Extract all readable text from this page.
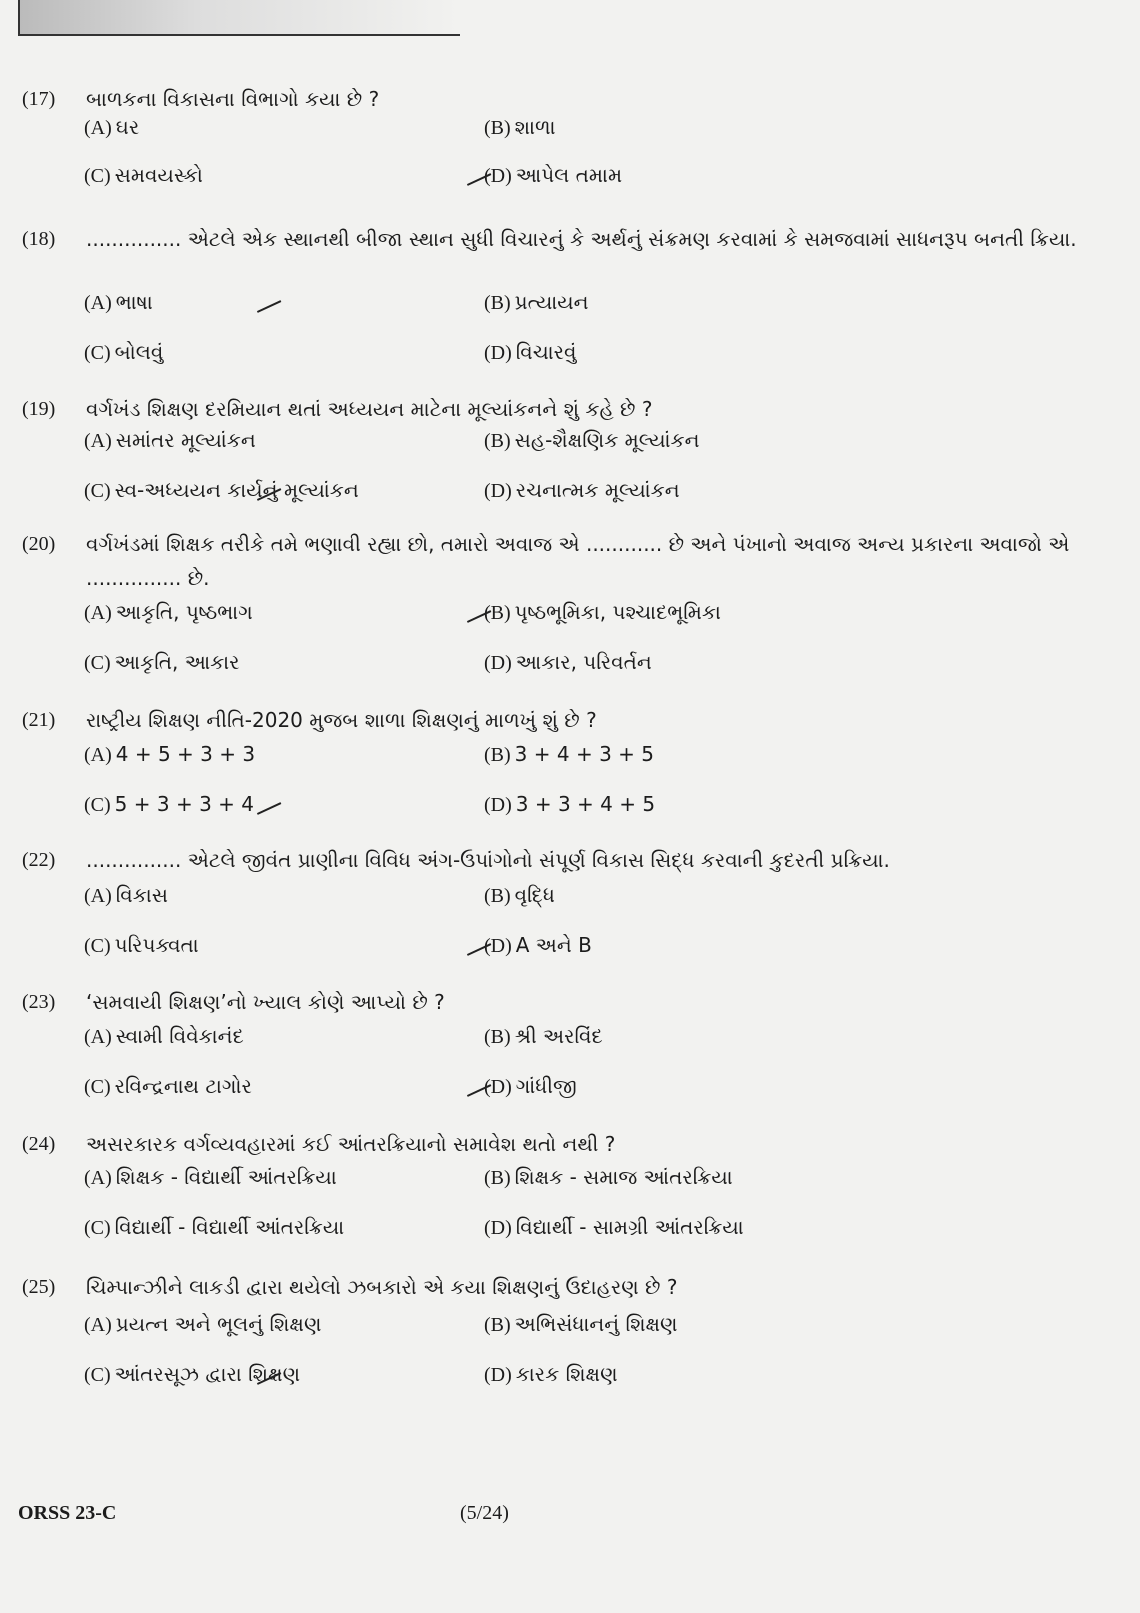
(17) બાળકના વિકાસના વિભાગો કયા છે ?
(A) ઘર	(B) શાળા
(C) સમવયસ્કો	(D) આપેલ તમામ
(18) ............... એટલે એક સ્થાનથી બીજા સ્થાન સુધી વિચારનું કે અર્થનું સંક્રમણ કરવામાં કે સમજવામાં સાધનરૂપ બનતી ક્રિયા.
(A) ભાષા	(B) પ્રત્યાયન
(C) બોલવું	(D) વિચારવું
(19) વર્ગખંડ શિક્ષણ દરમિયાન થતાં અધ્યયન માટેના મૂલ્યાંકનને શું કહે છે ?
(A) સમાંતર મૂલ્યાંકન	(B) સહ-શૈક્ષણિક મૂલ્યાંકન
(C) સ્વ-અધ્યયન કાર્યનું મૂલ્યાંકન	(D) રચનાત્મક મૂલ્યાંકન
(20) વર્ગખંડમાં શિક્ષક તરીકે તમે ભણાવી રહ્યા છો, તમારો અવાજ એ ............ છે અને પંખાનો અવાજ અન્ય પ્રકારના અવાજો એ ............... છે.
(A) આકૃતિ, પૃષ્ઠભાગ	(B) પૃષ્ઠભૂમિકા, પશ્ચાદભૂમિકા
(C) આકૃતિ, આકાર	(D) આકાર, પરિવર્તન
(21) રાષ્ટ્રીય શિક્ષણ નીતિ-2020 મુજબ શાળા શિક્ષણનું માળખું શું છે ?
(A) 4 + 5 + 3 + 3	(B) 3 + 4 + 3 + 5
(C) 5 + 3 + 3 + 4	(D) 3 + 3 + 4 + 5
(22) ............... એટલે જીવંત પ્રાણીના વિવિધ અંગ-ઉપાંગોનો સંપૂર્ણ વિકાસ સિદ્ધ કરવાની કુદરતી પ્રક્રિયા.
(A) વિકાસ	(B) વૃદ્ધિ
(C) પરિપક્વતા	(D) A અને B
(23) ‘સમવાયી શિક્ષણ’નો ખ્યાલ કોણે આપ્યો છે ?
(A) સ્વામી વિવેકાનંદ	(B) શ્રી અરવિંદ
(C) રવિન્દ્રનાથ ટાગોર	(D) ગાંધીજી
(24) અસરકારક વર્ગવ્યવહારમાં કઈ આંતરક્રિયાનો સમાવેશ થતો નથી ?
(A) શિક્ષક - વિદ્યાર્થી આંતરક્રિયા	(B) શિક્ષક - સમાજ આંતરક્રિયા
(C) વિદ્યાર્થી - વિદ્યાર્થી આંતરક્રિયા	(D) વિદ્યાર્થી - સામગ્રી આંતરક્રિયા
(25) ચિમ્પાન્ઝીને લાકડી દ્વારા થયેલો ઝબકારો એ કયા શિક્ષણનું ઉદાહરણ છે ?
(A) પ્રયત્ન અને ભૂલનું શિક્ષણ	(B) અભિસંધાનનું શિક્ષણ
(C) આંતરસૂઝ દ્વારા શિક્ષણ	(D) કારક શિક્ષણ
ORSS 23-C	(5/24)
